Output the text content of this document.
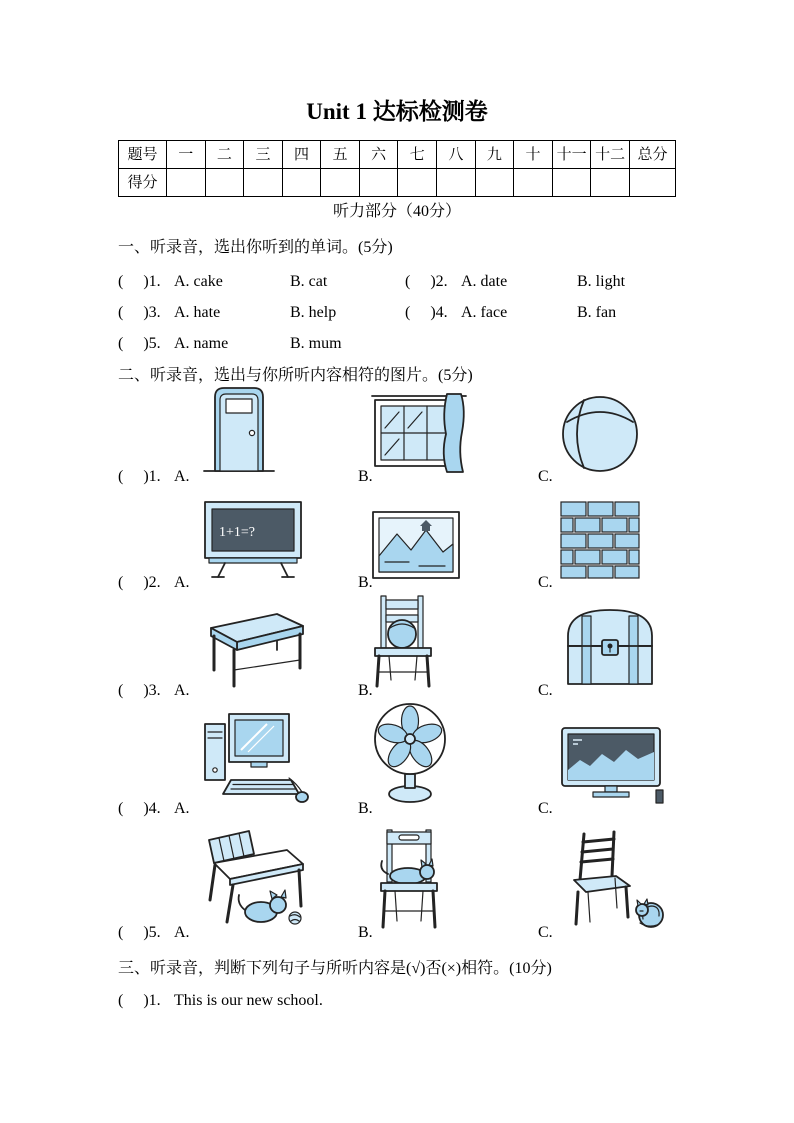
Unit 1 达标检测卷
题号	一	二	三	四	五	六	七	八	九	十	十一	十二	总分
得分													
听力部分（40分）
一、听录音，选出你听到的单词。(5分)
(     )1. A. cake	B. cat	(     )2. A. date	B. light
(     )3. A. hate	B. help	(     )4. A. face	B. fan
(     )5. A. name	B. mum
二、听录音，选出与你所听内容相符的图片。(5分)
(     )1. A.	B.	C.
1+1=?
(     )2. A.	B.	C.
(     )3. A.	B.	C.
(     )4. A.	B.	C.
(     )5. A.	B.	C.
三、听录音，判断下列句子与所听内容是(√)否(×)相符。(10分)
(     )1. This is our new school.
